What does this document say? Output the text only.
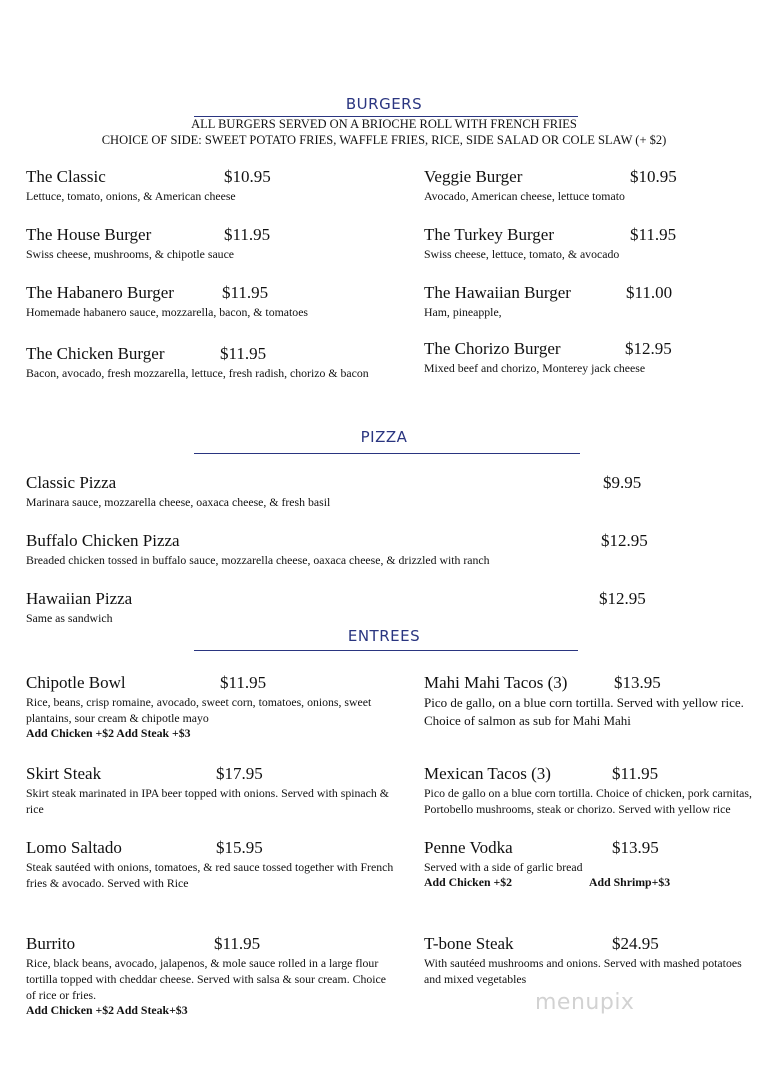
BURGERS
ALL BURGERS SERVED ON A BRIOCHE ROLL WITH FRENCH FRIES
CHOICE OF SIDE: SWEET POTATO FRIES, WAFFLE FRIES, RICE, SIDE SALAD OR COLE SLAW (+ $2)
The Classic	$10.95
Lettuce, tomato, onions, & American cheese
Veggie Burger	$10.95
Avocado, American cheese, lettuce tomato
The House Burger	$11.95
Swiss cheese, mushrooms, & chipotle sauce
The Turkey Burger	$11.95
Swiss cheese, lettuce, tomato, & avocado
The Habanero Burger	$11.95
Homemade habanero sauce, mozzarella, bacon, & tomatoes
The Hawaiian Burger	$11.00
Ham, pineapple,
The Chicken Burger	$11.95
Bacon, avocado, fresh mozzarella, lettuce, fresh radish, chorizo & bacon
The Chorizo Burger	$12.95
Mixed beef and chorizo, Monterey jack cheese
PIZZA
Classic Pizza	$9.95
Marinara sauce, mozzarella cheese, oaxaca cheese, & fresh basil
Buffalo Chicken Pizza	$12.95
Breaded chicken tossed in buffalo sauce, mozzarella cheese, oaxaca cheese, & drizzled with ranch
Hawaiian Pizza	$12.95
Same as sandwich
ENTREES
Chipotle Bowl	$11.95
Rice, beans, crisp romaine, avocado, sweet corn, tomatoes, onions, sweet plantains, sour cream & chipotle mayo
Add Chicken +$2 Add Steak +$3
Mahi Mahi Tacos (3)	$13.95
Pico de gallo, on a blue corn tortilla. Served with yellow rice. Choice of salmon as sub for Mahi Mahi
Skirt Steak	$17.95
Skirt steak marinated in IPA beer topped with onions. Served with spinach & rice
Mexican Tacos (3)	$11.95
Pico de gallo on a blue corn tortilla. Choice of chicken, pork carnitas, Portobello mushrooms, steak or chorizo. Served with yellow rice
Lomo Saltado	$15.95
Steak sautéed with onions, tomatoes, & red sauce tossed together with French fries & avocado. Served with Rice
Penne Vodka	$13.95
Served with a side of garlic bread
Add Chicken +$2	Add Shrimp+$3
Burrito	$11.95
Rice, black beans, avocado, jalapenos, & mole sauce rolled in a large flour tortilla topped with cheddar cheese. Served with salsa & sour cream. Choice of rice or fries.
Add Chicken +$2 Add Steak+$3
T-bone Steak	$24.95
With sautéed mushrooms and onions. Served with mashed potatoes and mixed vegetables
menupix
